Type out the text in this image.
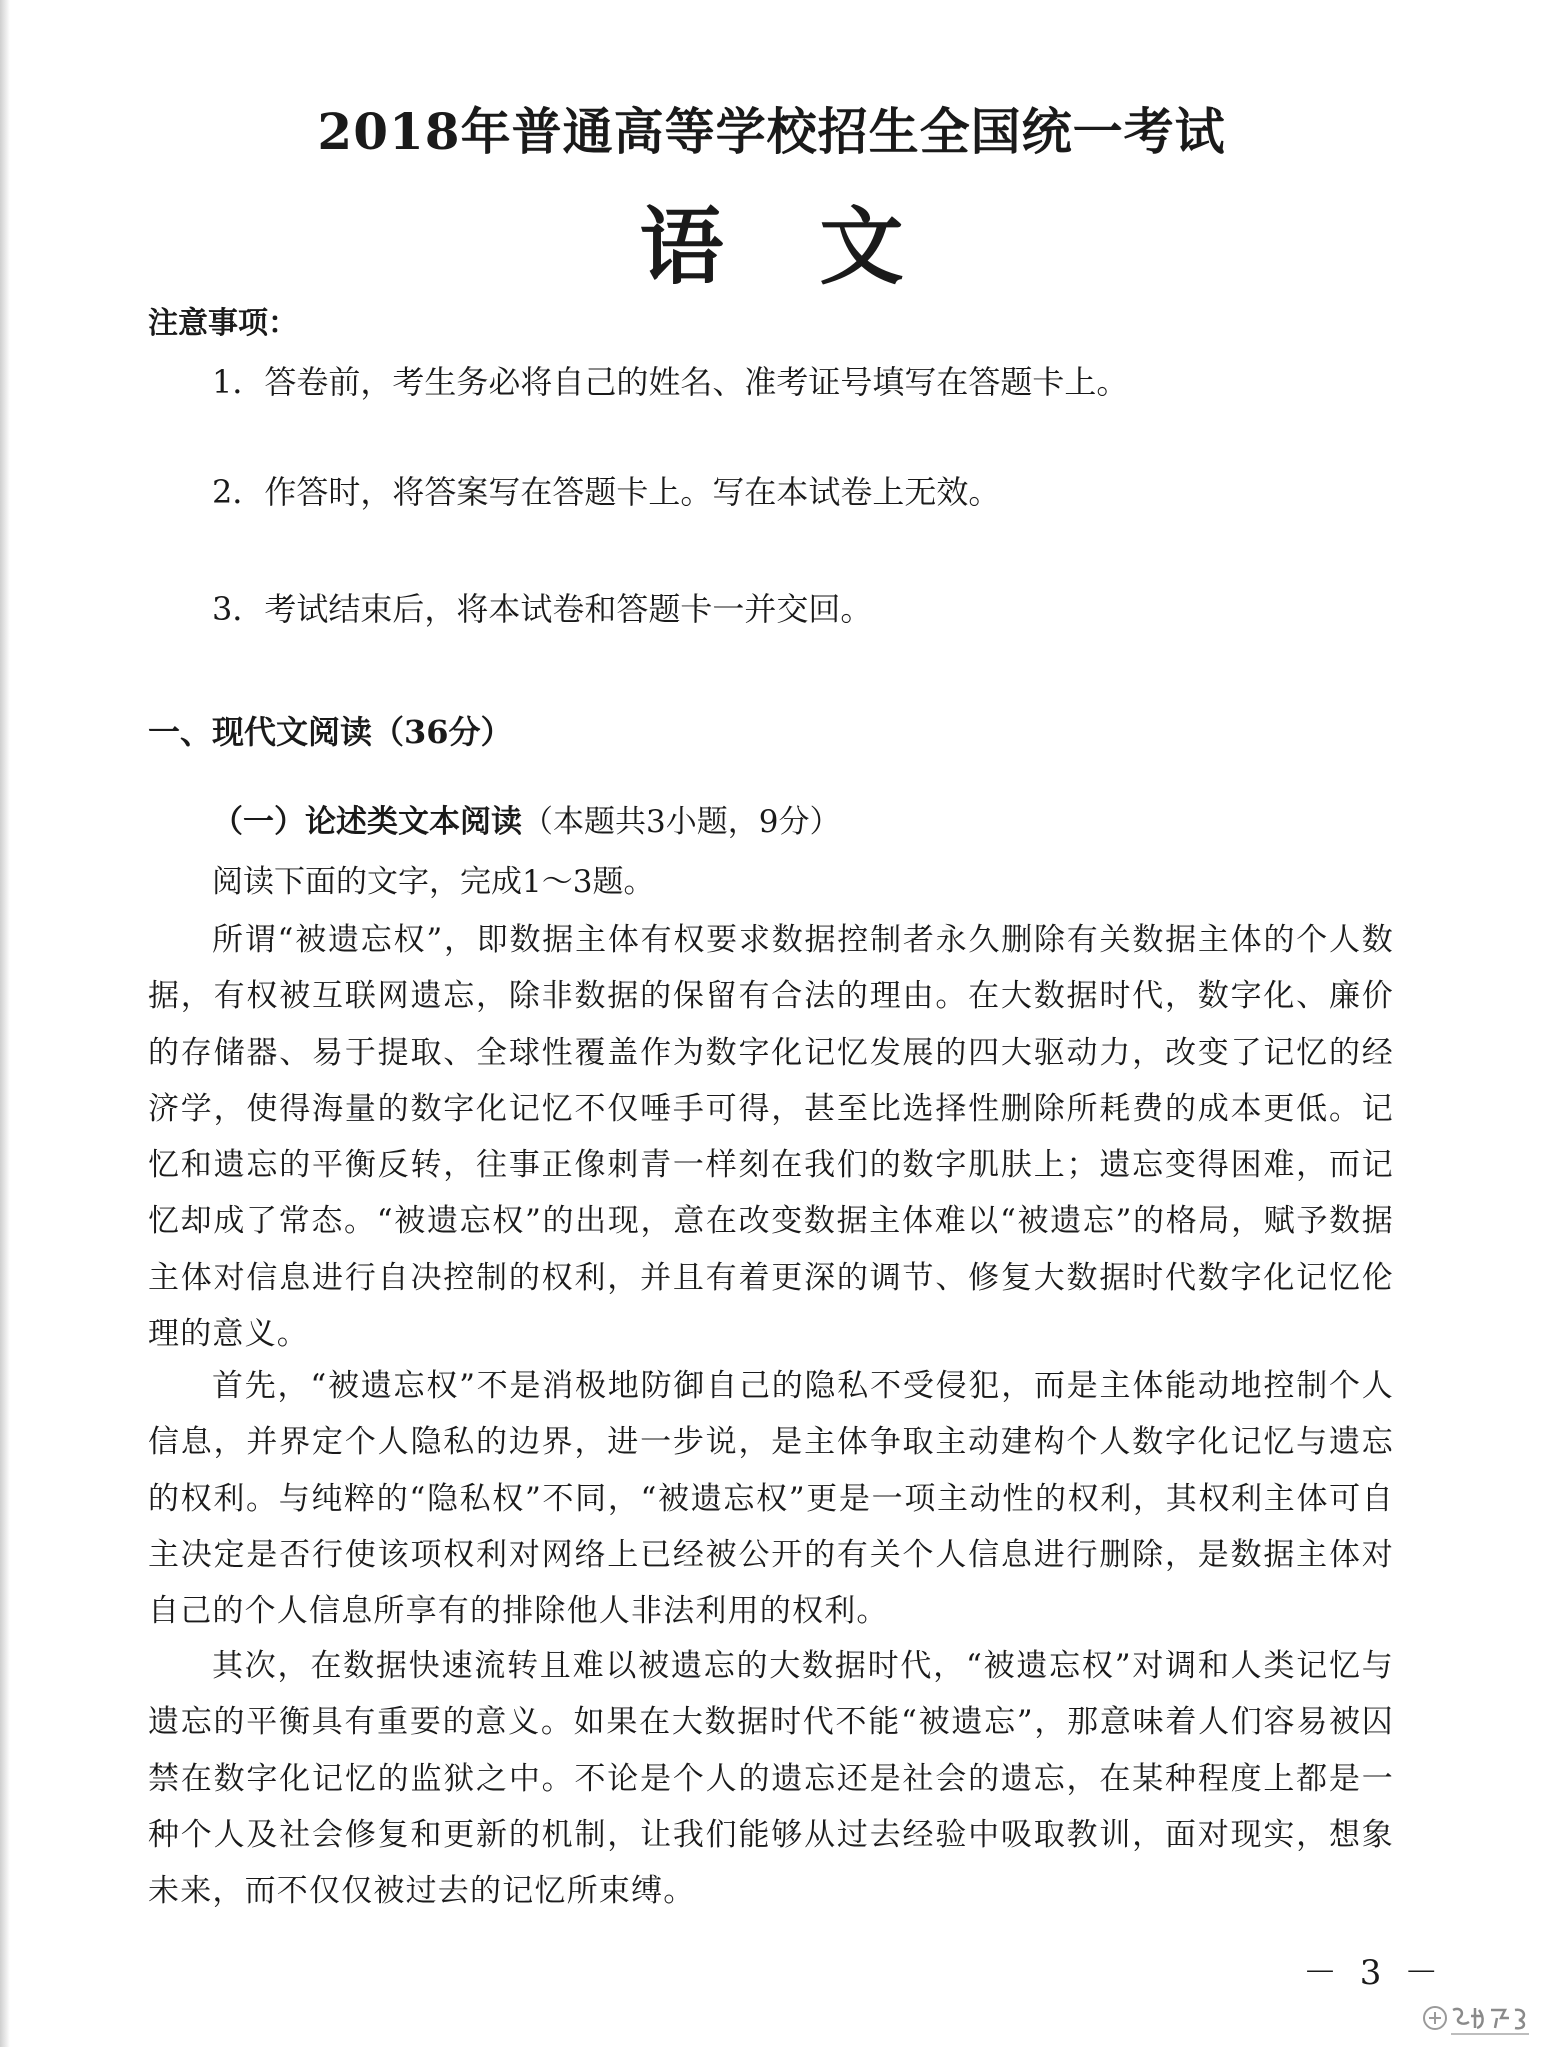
2018年普通高等学校招生全国统一考试
语文

注意事项：

1．答卷前，考生务必将自己的姓名、准考证号填写在答题卡上。

2．作答时，将答案写在答题卡上。写在本试卷上无效。

3．考试结束后，将本试卷和答题卡一并交回。

一、现代文阅读（36分）

（一）论述类文本阅读（本题共3小题，9分）

阅读下面的文字，完成1～3题。

所谓“被遗忘权”，即数据主体有权要求数据控制者永久删除有关数据主体的个人数据，有权被互联网遗忘，除非数据的保留有合法的理由。在大数据时代，数字化、廉价的存储器、易于提取、全球性覆盖作为数字化记忆发展的四大驱动力，改变了记忆的经济学，使得海量的数字化记忆不仅唾手可得，甚至比选择性删除所耗费的成本更低。记忆和遗忘的平衡反转，往事正像刺青一样刻在我们的数字肌肤上；遗忘变得困难，而记忆却成了常态。“被遗忘权”的出现，意在改变数据主体难以“被遗忘”的格局，赋予数据主体对信息进行自决控制的权利，并且有着更深的调节、修复大数据时代数字化记忆伦理的意义。

首先，“被遗忘权”不是消极地防御自己的隐私不受侵犯，而是主体能动地控制个人信息，并界定个人隐私的边界，进一步说，是主体争取主动建构个人数字化记忆与遗忘的权利。与纯粹的“隐私权”不同，“被遗忘权”更是一项主动性的权利，其权利主体可自主决定是否行使该项权利对网络上已经被公开的有关个人信息进行删除，是数据主体对自己的个人信息所享有的排除他人非法利用的权利。

其次，在数据快速流转且难以被遗忘的大数据时代，“被遗忘权”对调和人类记忆与遗忘的平衡具有重要的意义。如果在大数据时代不能“被遗忘”，那意味着人们容易被囚禁在数字化记忆的监狱之中。不论是个人的遗忘还是社会的遗忘，在某种程度上都是一种个人及社会修复和更新的机制，让我们能够从过去经验中吸取教训，面对现实，想象未来，而不仅仅被过去的记忆所束缚。

－ 3 －
